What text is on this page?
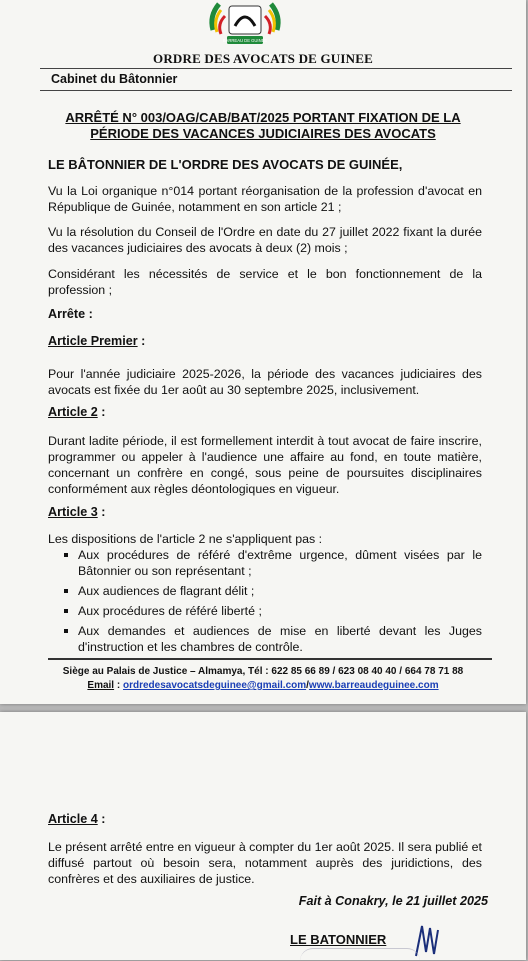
BARREAU DE GUINÉE
ORDRE DES AVOCATS DE GUINEE
Cabinet du Bâtonnier
ARRÊTÉ N° 003/OAG/CAB/BAT/2025 PORTANT FIXATION DE LA
PÉRIODE DES VACANCES JUDICIAIRES DES AVOCATS
LE BÂTONNIER DE L'ORDRE DES AVOCATS DE GUINÉE,
Vu la Loi organique n°014 portant réorganisation de la profession d'avocat en République de Guinée, notamment en son article 21 ;
Vu la résolution du Conseil de l'Ordre en date du 27 juillet 2022 fixant la durée des vacances judiciaires des avocats à deux (2) mois ;
Considérant les nécessités de service et le bon fonctionnement de la profession ;
Arrête :
Article Premier :
Pour l'année judiciaire 2025-2026, la période des vacances judiciaires des avocats est fixée du 1er août au 30 septembre 2025, inclusivement.
Article 2 :
Durant ladite période, il est formellement interdit à tout avocat de faire inscrire, programmer ou appeler à l'audience une affaire au fond, en toute matière, concernant un confrère en congé, sous peine de poursuites disciplinaires conformément aux règles déontologiques en vigueur.
Article 3 :
Les dispositions de l'article 2 ne s'appliquent pas :
Aux procédures de référé d'extrême urgence, dûment visées par le Bâtonnier ou son représentant ;
Aux audiences de flagrant délit ;
Aux procédures de référé liberté ;
Aux demandes et audiences de mise en liberté devant les Juges d'instruction et les chambres de contrôle.
Siège au Palais de Justice – Almamya, Tél : 622 85 66 89 / 623 08 40 40 / 664 78 71 88
Email : ordredesavocatsdeguinee@gmail.com/www.barreaudeguinee.com
Article 4 :
Le présent arrêté entre en vigueur à compter du 1er août 2025. Il sera publié et diffusé partout où besoin sera, notamment auprès des juridictions, des confrères et des auxiliaires de justice.
Fait à Conakry, le 21 juillet 2025
LE BATONNIER
